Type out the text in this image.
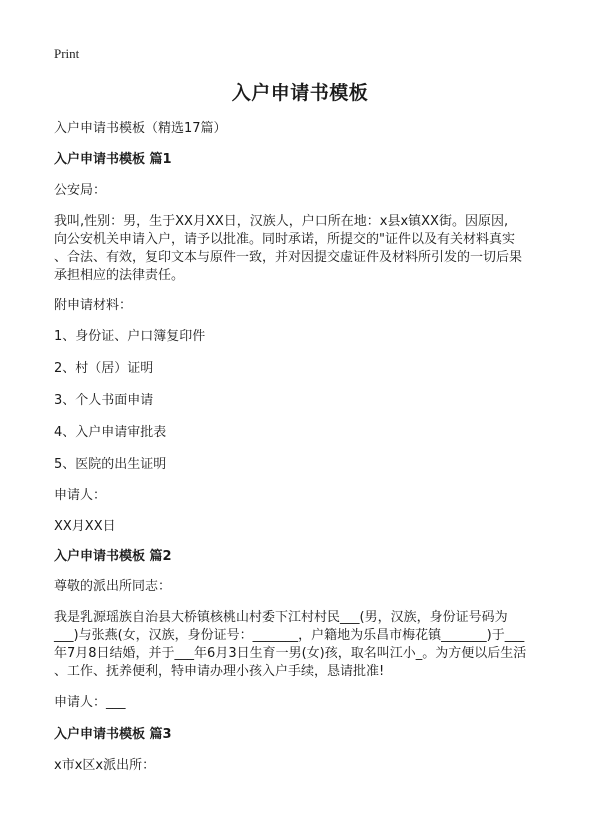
Print
入户申请书模板
入户申请书模板（精选17篇）
入户申请书模板 篇1
公安局：
我叫,性别：男，生于XX月XX日，汉族人，户口所在地：x县x镇XX街。因原因,
向公安机关申请入户，请予以批准。同时承诺，所提交的"证件以及有关材料真实
、合法、有效，复印文本与原件一致，并对因提交虚证件及材料所引发的一切后果
承担相应的法律责任。
附申请材料：
1、身份证、户口簿复印件
2、村（居）证明
3、个人书面申请
4、入户申请审批表
5、医院的出生证明
申请人：
XX月XX日
入户申请书模板 篇2
尊敬的派出所同志：
我是乳源瑶族自治县大桥镇核桃山村委下江村村民___(男，汉族，身份证号码为
___)与张燕(女，汉族，身份证号：_______，户籍地为乐昌市梅花镇_______)于___
年7月8日结婚，并于___年6月3日生育一男(女)孩，取名叫江小_。为方便以后生活
、工作、抚养便利，特申请办理小孩入户手续，恳请批准!
申请人：___
入户申请书模板 篇3
x市x区x派出所：
